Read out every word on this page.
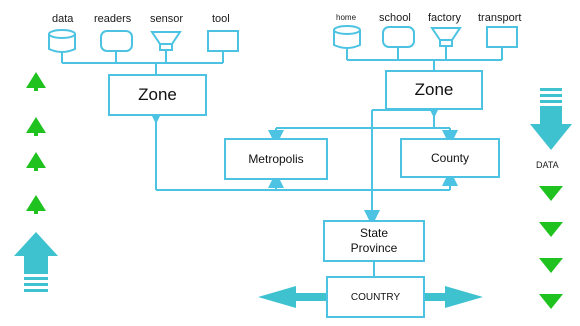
data readers sensor	tool	home school factory transport
Zone	Zone
Metropolis	County
State
Province
COUNTRY
DATA
